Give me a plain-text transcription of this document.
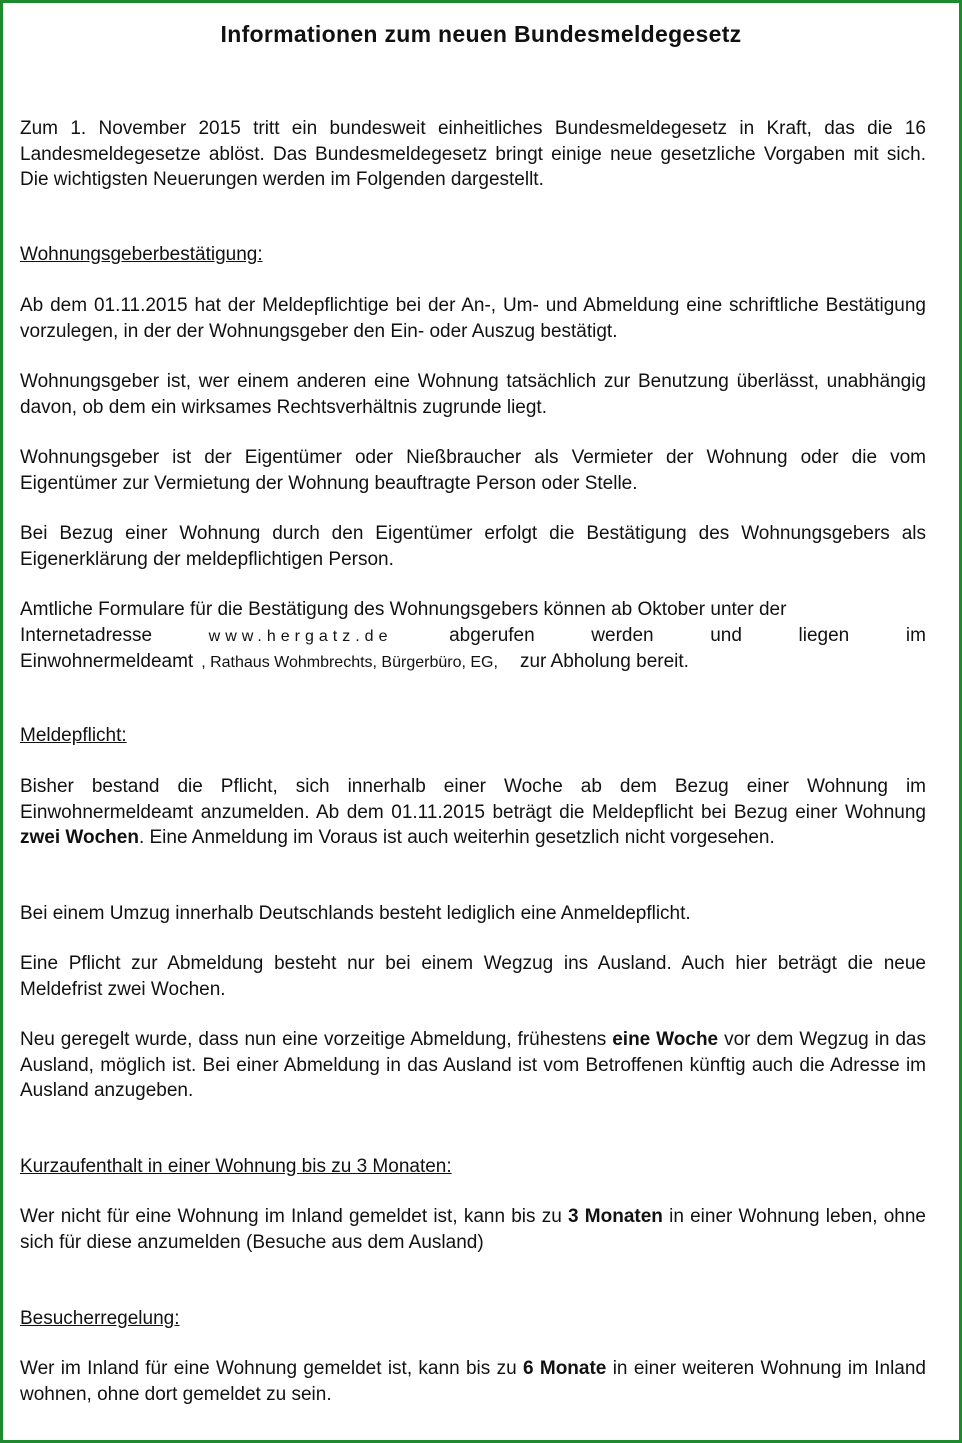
Informationen zum neuen Bundesmeldegesetz

Zum 1. November 2015 tritt ein bundesweit einheitliches Bundesmeldegesetz in Kraft, das die 16 Landesmeldegesetze ablöst. Das Bundesmeldegesetz bringt einige neue gesetzliche Vorgaben mit sich. Die wichtigsten Neuerungen werden im Folgenden dargestellt.

Wohnungsgeberbestätigung:

Ab dem 01.11.2015 hat der Meldepflichtige bei der An-, Um- und Abmeldung eine schriftliche Bestätigung vorzulegen, in der der Wohnungsgeber den Ein- oder Auszug bestätigt.

Wohnungsgeber ist, wer einem anderen eine Wohnung tatsächlich zur Benutzung überlässt, unabhängig davon, ob dem ein wirksames Rechtsverhältnis zugrunde liegt.

Wohnungsgeber ist der Eigentümer oder Nießbraucher als Vermieter der Wohnung oder die vom Eigentümer zur Vermietung der Wohnung beauftragte Person oder Stelle.

Bei Bezug einer Wohnung durch den Eigentümer erfolgt die Bestätigung des Wohnungsgebers als Eigenerklärung der meldepflichtigen Person.

Amtliche Formulare für die Bestätigung des Wohnungsgebers können ab Oktober unter der
Internetadresse	www.hergatz.de	abgerufen	werden	und	liegen	im
Einwohnermeldeamt , Rathaus Wohmbrechts, Bürgerbüro, EG, zur Abholung bereit.

Meldepflicht:

Bisher bestand die Pflicht, sich innerhalb einer Woche ab dem Bezug einer Wohnung im Einwohnermeldeamt anzumelden. Ab dem 01.11.2015 beträgt die Meldepflicht bei Bezug einer Wohnung zwei Wochen. Eine Anmeldung im Voraus ist auch weiterhin gesetzlich nicht vorgesehen.

Bei einem Umzug innerhalb Deutschlands besteht lediglich eine Anmeldepflicht.

Eine Pflicht zur Abmeldung besteht nur bei einem Wegzug ins Ausland. Auch hier beträgt die neue Meldefrist zwei Wochen.

Neu geregelt wurde, dass nun eine vorzeitige Abmeldung, frühestens eine Woche vor dem Wegzug in das Ausland, möglich ist. Bei einer Abmeldung in das Ausland ist vom Betroffenen künftig auch die Adresse im Ausland anzugeben.

Kurzaufenthalt in einer Wohnung bis zu 3 Monaten:

Wer nicht für eine Wohnung im Inland gemeldet ist, kann bis zu 3 Monaten in einer Wohnung leben, ohne sich für diese anzumelden (Besuche aus dem Ausland)

Besucherregelung:

Wer im Inland für eine Wohnung gemeldet ist, kann bis zu 6 Monate in einer weiteren Wohnung im Inland wohnen, ohne dort gemeldet zu sein.
